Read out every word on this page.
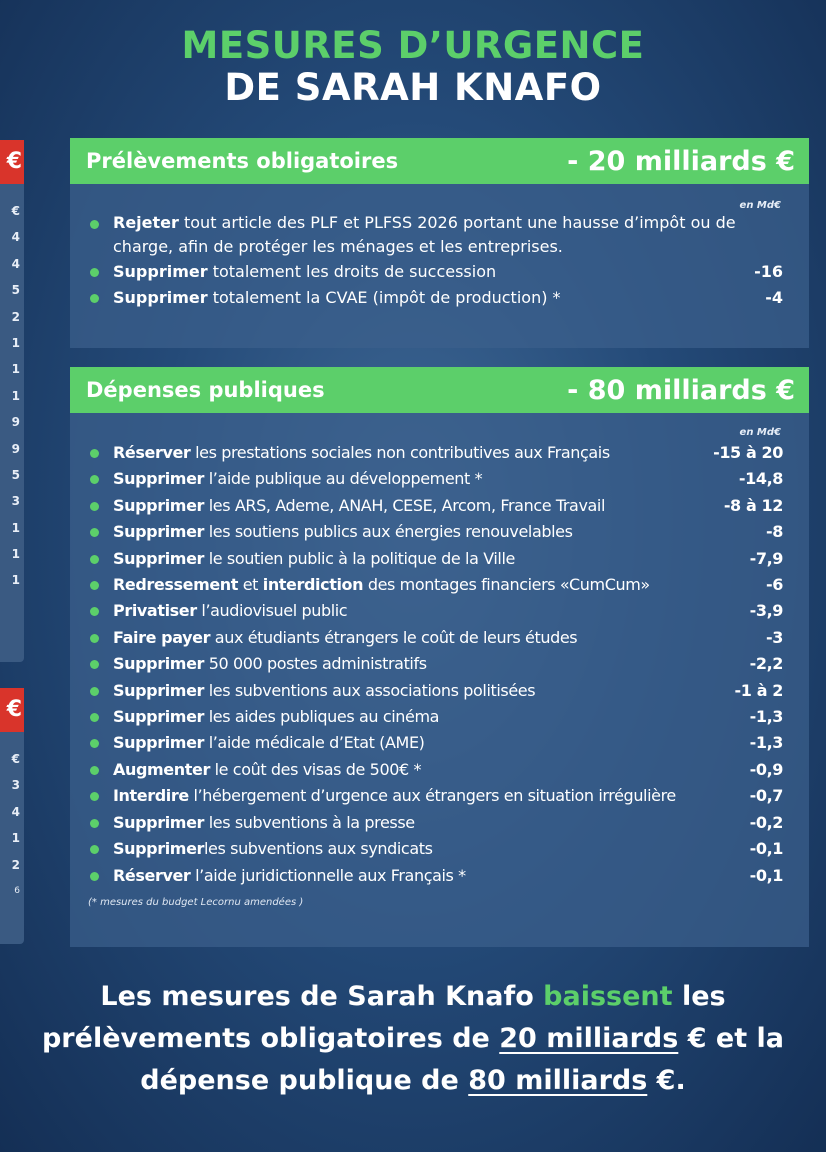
€
€
4
4
5
2
1
1
1
9
9
5
3
1
1
1
€
€
3
4
1
2
6
MESURES D’URGENCE
DE SARAH KNAFO
Prélèvements obligatoires	- 20 milliards €
en Md€
Rejeter tout article des PLF et PLFSS 2026 portant une hausse d’impôt ou de charge, afin de protéger les ménages et les entreprises.
Supprimer totalement les droits de succession	-16
Supprimer totalement la CVAE (impôt de production) *	-4
Dépenses publiques	- 80 milliards €
en Md€
Réserver les prestations sociales non contributives aux Français	-15 à 20
Supprimer l’aide publique au développement *	-14,8
Supprimer les ARS, Ademe, ANAH, CESE, Arcom, France Travail	-8 à 12
Supprimer les soutiens publics aux énergies renouvelables	-8
Supprimer le soutien public à la politique de la Ville	-7,9
Redressement et interdiction des montages financiers «CumCum»	-6
Privatiser l’audiovisuel public	-3,9
Faire payer aux étudiants étrangers le coût de leurs études	-3
Supprimer 50 000 postes administratifs	-2,2
Supprimer les subventions aux associations politisées	-1 à 2
Supprimer les aides publiques au cinéma	-1,3
Supprimer l’aide médicale d’Etat (AME)	-1,3
Augmenter le coût des visas de 500€ *	-0,9
Interdire l’hébergement d’urgence aux étrangers en situation irrégulière	-0,7
Supprimer les subventions à la presse	-0,2
Supprimerles subventions aux syndicats	-0,1
Réserver l’aide juridictionnelle aux Français *	-0,1
(* mesures du budget Lecornu amendées )
Les mesures de Sarah Knafo baissent les prélèvements obligatoires de 20 milliards € et la dépense publique de 80 milliards €.
